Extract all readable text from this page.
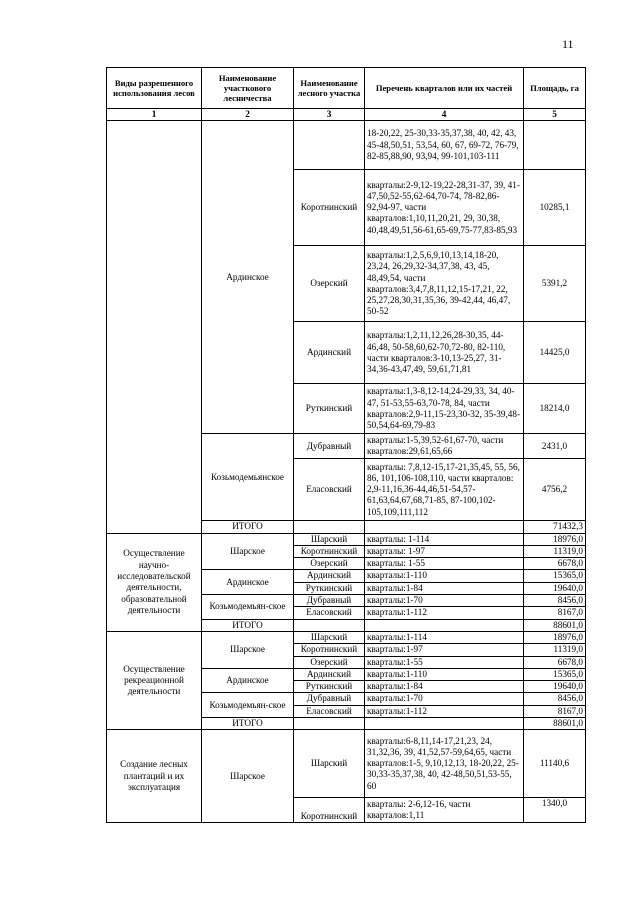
11
Виды разрешенного использования лесов	Наименование участкового лесничества	Наименование лесного участка	Перечень кварталов или их частей	Площадь, га
1	2	3	4	5
	Ардинское		18-20,22, 25-30,33-35,37,38, 40, 42, 43, 45-48,50,51, 53,54, 60, 67, 69-72, 76-79, 82-85,88,90, 93,94, 99-101,103-111	
		Коротнинский	кварталы:2-9,12-19,22-28,31-37, 39, 41-47,50,52-55,62-64,70-74, 78-82,86-92,94-97, части кварталов:1,10,11,20,21, 29, 30,38, 40,48,49,51,56-61,65-69,75-77,83-85,93	10285,1
		Озерский	кварталы:1,2,5,6,9,10,13,14,18-20, 23,24, 26,29,32-34,37,38, 43, 45, 48,49,54, части кварталов:3,4,7,8,11,12,15-17,21, 22, 25,27,28,30,31,35,36, 39-42,44, 46,47, 50-52	5391,2
		Ардинский	кварталы:1,2,11,12,26,28-30,35, 44-46,48, 50-58,60,62-70,72-80, 82-110, части кварталов:3-10,13-25,27, 31-34,36-43,47,49, 59,61,71,81	14425,0
		Руткинский	кварталы:1,3-8,12-14,24-29,33, 34, 40-47, 51-53,55-63,70-78, 84, части кварталов:2,9-11,15-23,30-32, 35-39,48-50,54,64-69,79-83	18214,0
	Козьмодемьянское	Дубравный	кварталы:1-5,39,52-61,67-70, части кварталов:29,61,65,66	2431,0
		Еласовский	кварталы: 7,8,12-15,17-21,35,45, 55, 56, 86, 101,106-108,110, части кварталов: 2,9-11,16,36-44,46,51-54,57-61,63,64,67,68,71-85, 87-100,102-105,109,111,112	4756,2
	ИТОГО			71432,3
Осуществление научно-исследовательской деятельности, образовательной деятельности	Шарское	Шарский	кварталы: 1-114	18976,0
		Коротнинский	кварталы: 1-97	11319,0
		Озерский	кварталы: 1-55	6678,0
	Ардинское	Ардинский	кварталы:1-110	15365,0
		Руткинский	кварталы:1-84	19640,0
	Козьмодемьян-ское	Дубравный	кварталы:1-70	8456,0
		Еласовский	кварталы:1-112	8167,0
	ИТОГО			88601,0
Осуществление рекреационной деятельности	Шарское	Шарский	кварталы:1-114	18976,0
		Коротнинский	кварталы:1-97	11319,0
		Озерский	кварталы:1-55	6678,0
	Ардинское	Ардинский	кварталы:1-110	15365,0
		Руткинский	кварталы:1-84	19640,0
	Козьмодемьян-ское	Дубравный	кварталы:1-70	8456,0
		Еласовский	кварталы:1-112	8167,0
	ИТОГО			88601,0
Создание лесных плантаций и их эксплуатация	Шарское	Шарский	кварталы:6-8,11,14-17,21,23, 24, 31,32,36, 39, 41,52,57-59,64,65, части кварталов:1-5, 9,10,12,13, 18-20,22, 25-30,33-35,37,38, 40, 42-48,50,51,53-55, 60	11140,6
		Коротнинский	кварталы: 2-6,12-16, части кварталов:1,11	1340,0
